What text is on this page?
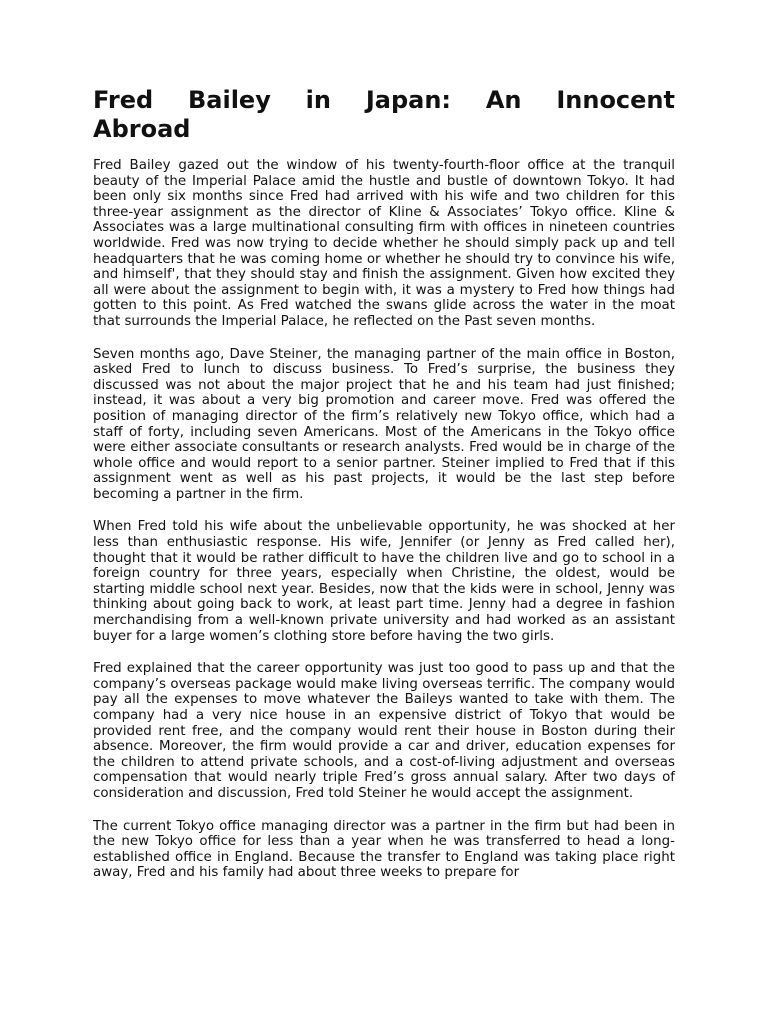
Fred Bailey in Japan: An Innocent
Abroad

Fred Bailey gazed out the window of his twenty-fourth-floor office at the tranquil beauty of the Imperial Palace amid the hustle and bustle of downtown Tokyo. It had been only six months since Fred had arrived with his wife and two children for this three-year assignment as the director of Kline & Associates’ Tokyo office. Kline & Associates was a large multinational consulting firm with offices in nineteen countries worldwide. Fred was now trying to decide whether he should simply pack up and tell headquarters that he was coming home or whether he should try to convince his wife, and himself', that they should stay and finish the assignment. Given how excited they all were about the assignment to begin with, it was a mystery to Fred how things had gotten to this point. As Fred watched the swans glide across the water in the moat that surrounds the Imperial Palace, he reflected on the Past seven months.

Seven months ago, Dave Steiner, the managing partner of the main office in Boston, asked Fred to lunch to discuss business. To Fred’s surprise, the business they discussed was not about the major project that he and his team had just finished; instead, it was about a very big promotion and career move. Fred was offered the position of managing director of the firm’s relatively new Tokyo office, which had a staff of forty, including seven Americans. Most of the Americans in the Tokyo office were either associate consultants or research analysts. Fred would be in charge of the whole office and would report to a senior partner. Steiner implied to Fred that if this assignment went as well as his past projects, it would be the last step before becoming a partner in the firm.

When Fred told his wife about the unbelievable opportunity, he was shocked at her less than enthusiastic response. His wife, Jennifer (or Jenny as Fred called her), thought that it would be rather difficult to have the children live and go to school in a foreign country for three years, especially when Christine, the oldest, would be starting middle school next year. Besides, now that the kids were in school, Jenny was thinking about going back to work, at least part time. Jenny had a degree in fashion merchandising from a well-known private university and had worked as an assistant buyer for a large women’s clothing store before having the two girls.

Fred explained that the career opportunity was just too good to pass up and that the company’s overseas package would make living overseas terrific. The company would pay all the expenses to move whatever the Baileys wanted to take with them. The company had a very nice house in an expensive district of Tokyo that would be provided rent free, and the company would rent their house in Boston during their absence. Moreover, the firm would provide a car and driver, education expenses for the children to attend private schools, and a cost-of-living adjustment and overseas compensation that would nearly triple Fred’s gross annual salary. After two days of consideration and discussion, Fred told Steiner he would accept the assignment.

The current Tokyo office managing director was a partner in the firm but had been in the new Tokyo office for less than a year when he was transferred to head a long-established office in England. Because the transfer to England was taking place right away, Fred and his family had about three weeks to prepare for
